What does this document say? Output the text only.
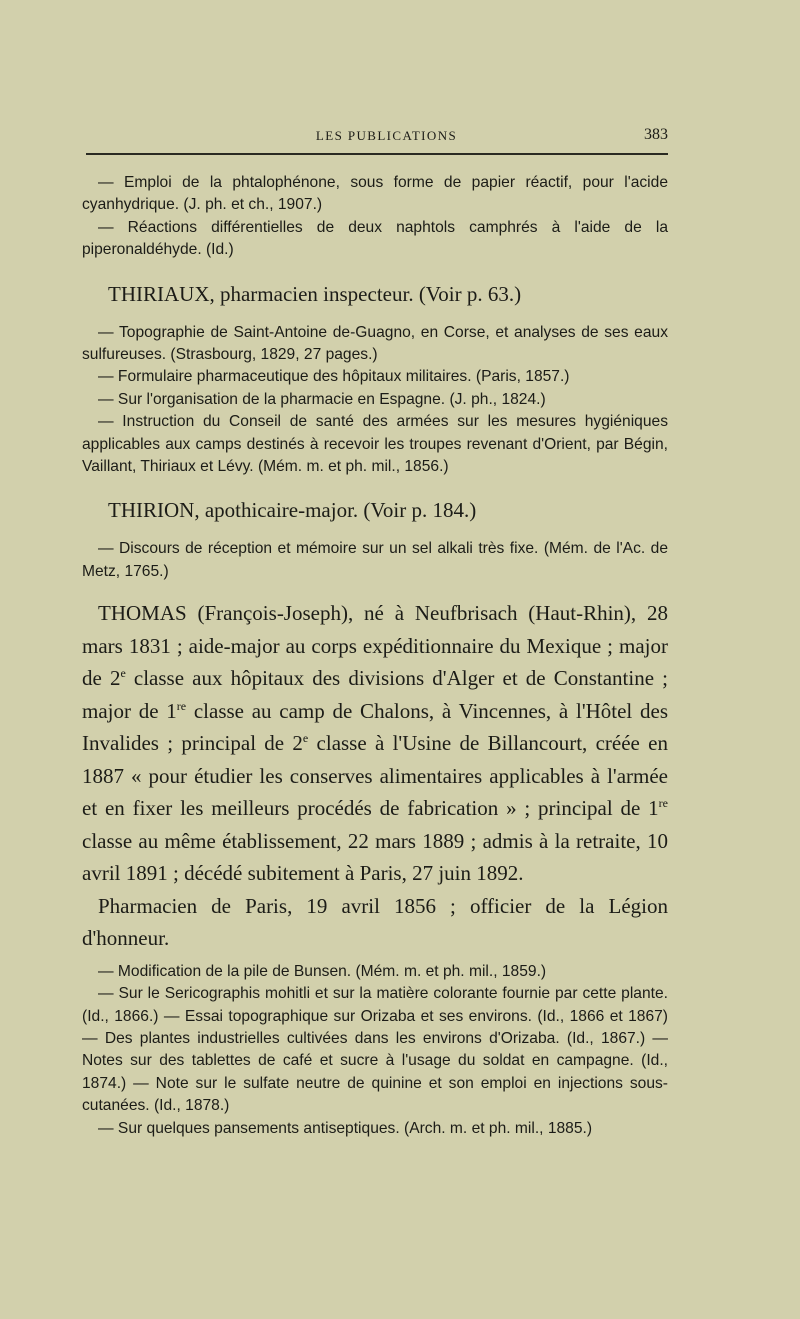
LES PUBLICATIONS	383

— Emploi de la phtalophénone, sous forme de papier réactif, pour l'acide cyanhydrique. (J. ph. et ch., 1907.)

— Réactions différentielles de deux naphtols camphrés à l'aide de la piperonaldéhyde. (Id.)

THIRIAUX, pharmacien inspecteur. (Voir p. 63.)

— Topographie de Saint-Antoine de-Guagno, en Corse, et analyses de ses eaux sulfureuses. (Strasbourg, 1829, 27 pages.)

— Formulaire pharmaceutique des hôpitaux militaires. (Paris, 1857.)

— Sur l'organisation de la pharmacie en Espagne. (J. ph., 1824.)

— Instruction du Conseil de santé des armées sur les mesures hygiéniques applicables aux camps destinés à recevoir les troupes revenant d'Orient, par Bégin, Vaillant, Thiriaux et Lévy. (Mém. m. et ph. mil., 1856.)

THIRION, apothicaire-major. (Voir p. 184.)

— Discours de réception et mémoire sur un sel alkali très fixe. (Mém. de l'Ac. de Metz, 1765.)

THOMAS (François-Joseph), né à Neufbrisach (Haut-Rhin), 28 mars 1831 ; aide-major au corps expéditionnaire du Mexique ; major de 2e classe aux hôpitaux des divisions d'Alger et de Constantine ; major de 1re classe au camp de Chalons, à Vincennes, à l'Hôtel des Invalides ; principal de 2e classe à l'Usine de Billancourt, créée en 1887 « pour étudier les conserves alimentaires applicables à l'armée et en fixer les meilleurs procédés de fabrication » ; principal de 1re classe au même établissement, 22 mars 1889 ; admis à la retraite, 10 avril 1891 ; décédé subitement à Paris, 27 juin 1892.

Pharmacien de Paris, 19 avril 1856 ; officier de la Légion d'honneur.

— Modification de la pile de Bunsen. (Mém. m. et ph. mil., 1859.)

— Sur le Sericographis mohitli et sur la matière colorante fournie par cette plante. (Id., 1866.) — Essai topographique sur Orizaba et ses environs. (Id., 1866 et 1867) — Des plantes industrielles cultivées dans les environs d'Orizaba. (Id., 1867.) — Notes sur des tablettes de café et sucre à l'usage du soldat en campagne. (Id., 1874.) — Note sur le sulfate neutre de quinine et son emploi en injections sous-cutanées. (Id., 1878.)

— Sur quelques pansements antiseptiques. (Arch. m. et ph. mil., 1885.)
